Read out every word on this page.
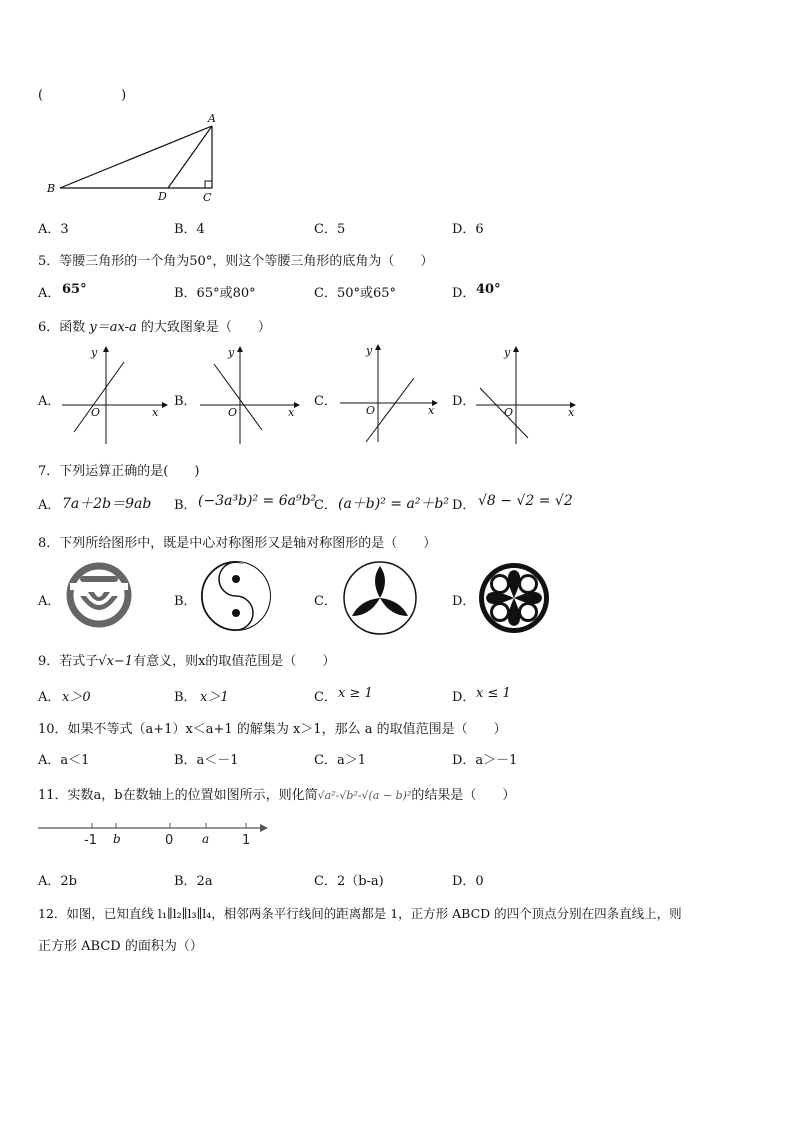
(　　　　　　)
A
B
D	C
A．3	B．4	C．5	D．6
5．等腰三角形的一个角为50°，则这个等腰三角形的底角为（　　）
A． 65°	B．65°或80°	C．50°或65°	D． 40°
6．函数 y＝ax-a 的大致图象是（　　）
A．
y
x
O
B．
y
x
O
C．
y
x
O
D．
y
x
O
7．下列运算正确的是(　　)
A． 7a＋2b＝9ab B． (−3a³b)² = 6a⁹b²
C． (a＋b)² = a²＋b² D． √8 − √2 = √2
8．下列所给图形中，既是中心对称图形又是轴对称图形的是（　　）
A．	B．	C．	D．
9．若式子√x−1有意义，则x的取值范围是（　　）
A． x＞0	B． x＞1	C． x ≥ 1	D． x ≤ 1
10．如果不等式（a+1）x＜a+1 的解集为 x＞1，那么 a 的取值范围是（　　）
A．a＜1	B．a＜－1	C．a＞1	D．a＞－1
11．实数a，b在数轴上的位置如图所示，则化简√a²-√b²-√(a − b)²的结果是（　　）
-1 b	0 a	1
A．2b	B．2a	C．2（b-a)	D．0
12．如图，已知直线 l₁∥l₂∥l₃∥l₄，相邻两条平行线间的距离都是 1，正方形 ABCD 的四个顶点分别在四条直线上，则
正方形 ABCD 的面积为（）
